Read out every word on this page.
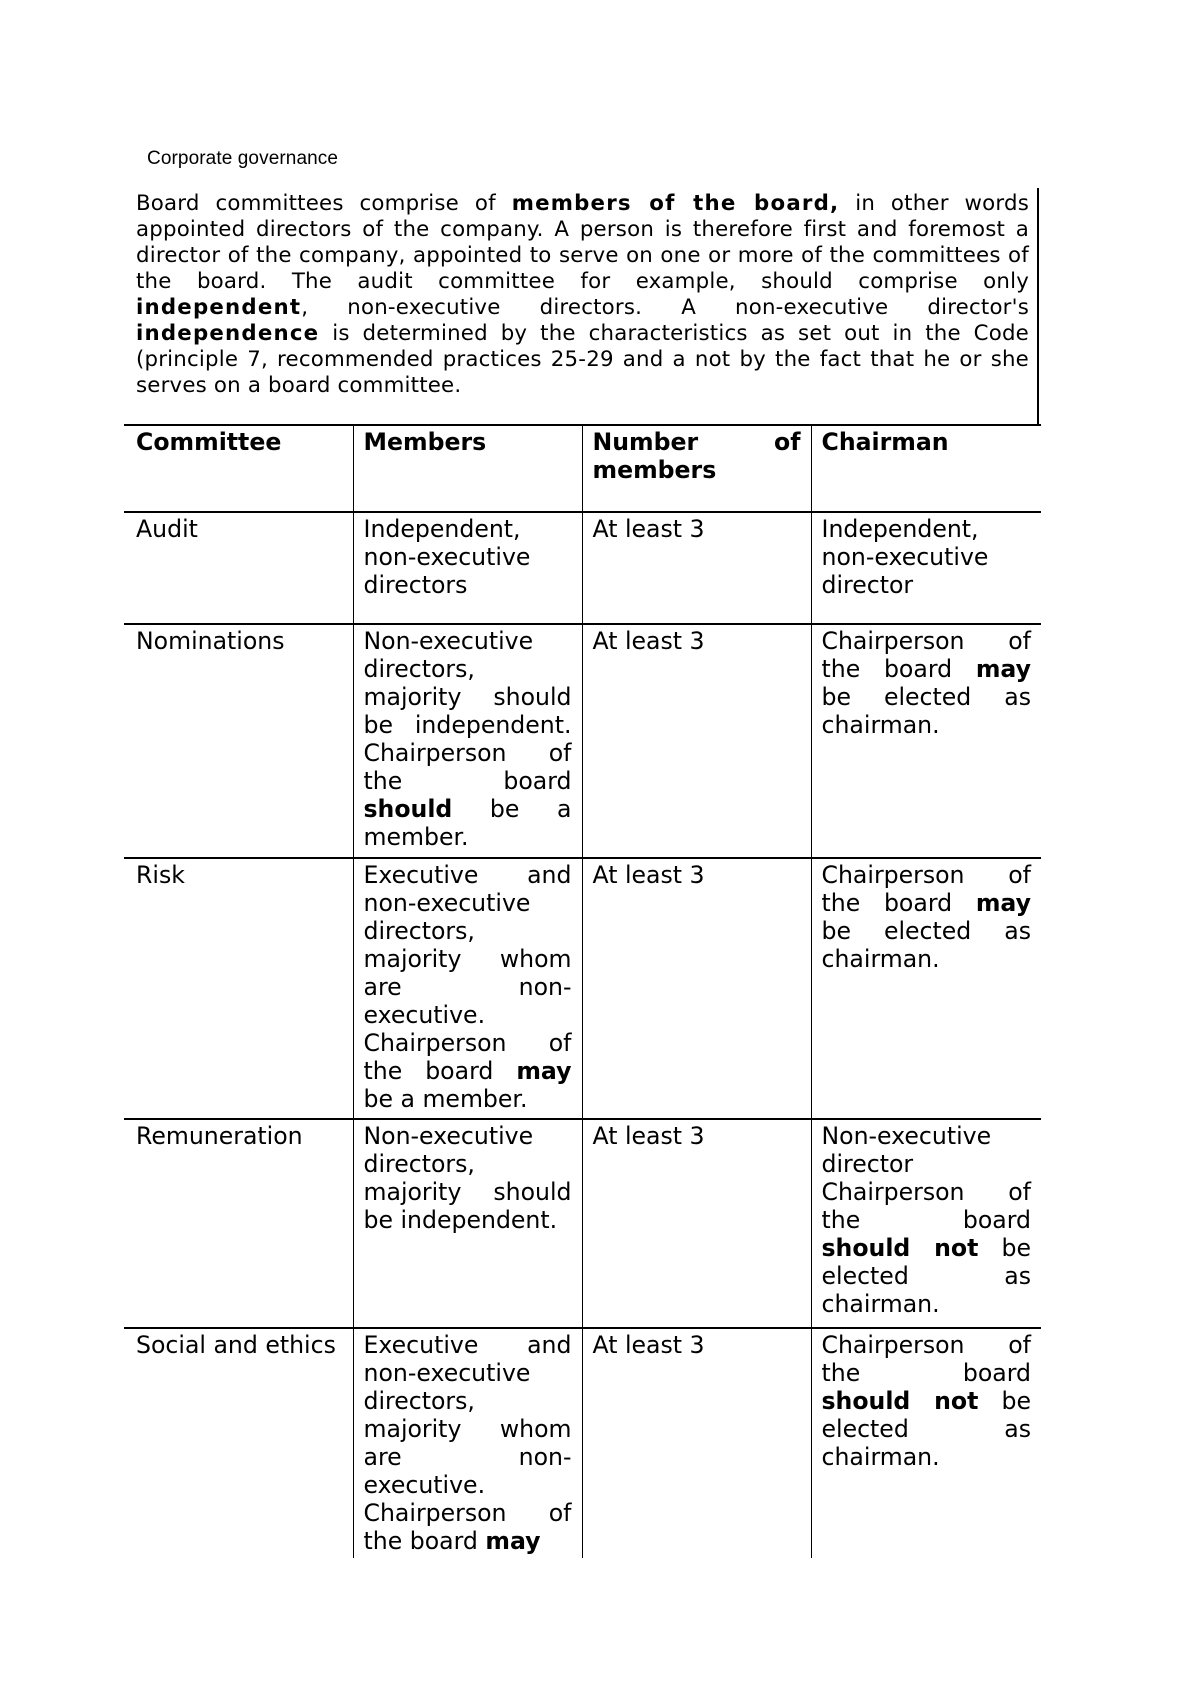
Corporate governance
Board committees comprise of members of the board, in other words appointed directors of the company. A person is therefore first and foremost a director of the company, appointed to serve on one or more of the committees of the board. The audit committee for example, should comprise only independent, non-executive directors. A non-executive director's independence is determined by the characteristics as set out in the Code (principle 7, recommended practices 25-29 and a not by the fact that he or she serves on a board committee.
Committee	Members	Number of members	Chairman
Audit	Independent, non-executive directors	At least 3	Independent, non-executive director
Nominations	Non-executive directors, majority should be independent. Chairperson of the board should be a member.	At least 3	Chairperson of the board may be elected as chairman.
Risk	Executive and non-executive directors, majority whom are non-executive. Chairperson of the board may be a member.	At least 3	Chairperson of the board may be elected as chairman.
Remuneration	Non-executive directors, majority should be independent.	At least 3	Non-executive director Chairperson of the board should not be elected as chairman.
Social and ethics	Executive and non-executive directors, majority whom are non-executive. Chairperson of the board may	At least 3	Chairperson of the board should not be elected as chairman.
